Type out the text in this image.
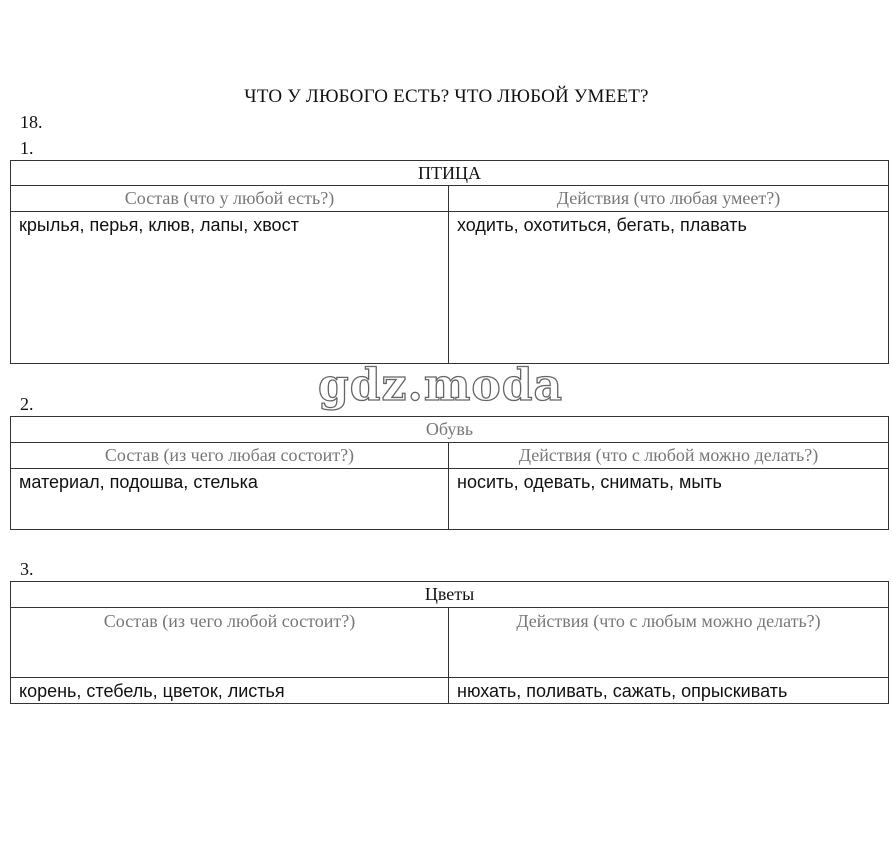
ЧТО У ЛЮБОГО ЕСТЬ? ЧТО ЛЮБОЙ УМЕЕТ?
18.
1.
ПТИЦА	
Состав (что у любой есть?)	Действия (что любая умеет?)
крылья, перья, клюв, лапы, хвост	ходить, охотиться, бегать, плавать
2.
Обувь	
Состав (из чего любая состоит?)	Действия (что с любой можно делать?)
материал, подошва, стелька	носить, одевать, снимать, мыть
3.
Цветы	
Состав (из чего любой состоит?)	Действия (что с любым можно делать?)
корень, стебель, цветок, листья	нюхать, поливать, сажать, опрыскивать
gdz.moda
